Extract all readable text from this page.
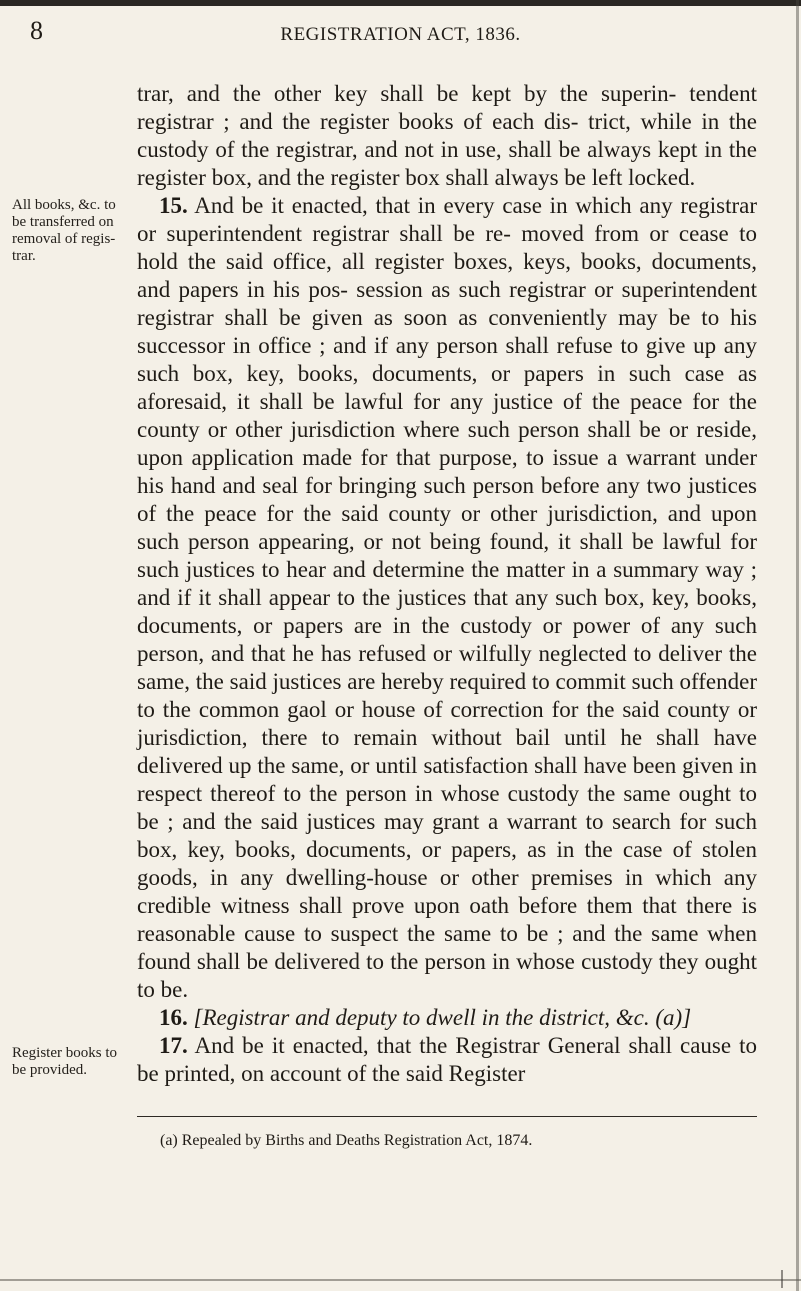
8	REGISTRATION ACT, 1836.
All books, &c. to be transferred on removal of regis- trar.
Register books to be provided.

trar, and the other key shall be kept by the superin- tendent registrar ; and the register books of each dis- trict, while in the custody of the registrar, and not in use, shall be always kept in the register box, and the register box shall always be left locked.

15. And be it enacted, that in every case in which any registrar or superintendent registrar shall be re- moved from or cease to hold the said office, all register boxes, keys, books, documents, and papers in his pos- session as such registrar or superintendent registrar shall be given as soon as conveniently may be to his successor in office ; and if any person shall refuse to give up any such box, key, books, documents, or papers in such case as aforesaid, it shall be lawful for any justice of the peace for the county or other jurisdiction where such person shall be or reside, upon application made for that purpose, to issue a warrant under his hand and seal for bringing such person before any two justices of the peace for the said county or other jurisdiction, and upon such person appearing, or not being found, it shall be lawful for such justices to hear and determine the matter in a summary way ; and if it shall appear to the justices that any such box, key, books, documents, or papers are in the custody or power of any such person, and that he has refused or wilfully neglected to deliver the same, the said justices are hereby required to commit such offender to the common gaol or house of correction for the said county or jurisdiction, there to remain without bail until he shall have delivered up the same, or until satisfaction shall have been given in respect thereof to the person in whose custody the same ought to be ; and the said justices may grant a warrant to search for such box, key, books, documents, or papers, as in the case of stolen goods, in any dwelling-house or other premises in which any credible witness shall prove upon oath before them that there is reasonable cause to suspect the same to be ; and the same when found shall be delivered to the person in whose custody they ought to be.

16. [Registrar and deputy to dwell in the district, &c. (a)]

17. And be it enacted, that the Registrar General shall cause to be printed, on account of the said Register

(a) Repealed by Births and Deaths Registration Act, 1874.
